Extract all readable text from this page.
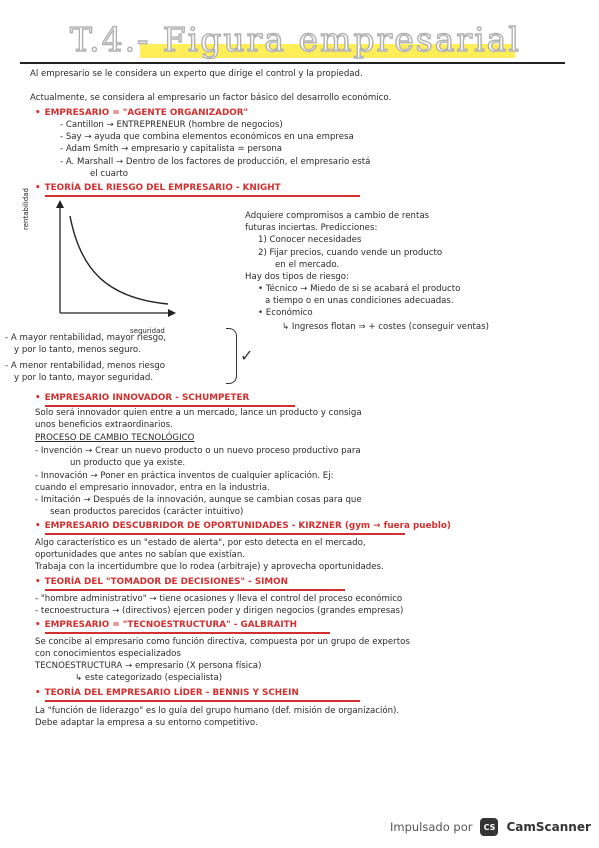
T.4.- Figura empresarial
Al empresario se le considera un experto que dirige el control y la propiedad.
Actualmente, se considera al empresario un factor básico del desarrollo económico.
• EMPRESARIO = "AGENTE ORGANIZADOR"
- Cantillon → ENTREPRENEUR (hombre de negocios)
- Say → ayuda que combina elementos económicos en una empresa
- Adam Smith → empresario y capitalista = persona
- A. Marshall → Dentro de los factores de producción, el empresario está
el cuarto
• TEORÍA DEL RIESGO DEL EMPRESARIO - KNIGHT
rentabilidad
seguridad
Adquiere compromisos a cambio de rentas
futuras inciertas. Predicciones:
1) Conocer necesidades
2) Fijar precios, cuando vende un producto
en el mercado.
Hay dos tipos de riesgo:
• Técnico → Miedo de si se acabará el producto
a tiempo o en unas condiciones adecuadas.
• Económico
↳ Ingresos flotan ⇒ + costes (conseguir ventas)
- A mayor rentabilidad, mayor riesgo,
y por lo tanto, menos seguro.
- A menor rentabilidad, menos riesgo
y por lo tanto, mayor seguridad.
✓
• EMPRESARIO INNOVADOR - SCHUMPETER
Solo será innovador quien entre a un mercado, lance un producto y consiga
unos beneficios extraordinarios.
PROCESO DE CAMBIO TECNOLÓGICO
- Invención → Crear un nuevo producto o un nuevo proceso productivo para
un producto que ya existe.
- Innovación → Poner en práctica inventos de cualquier aplicación. Ej:
cuando el empresario innovador, entra en la industria.
- Imitación → Después de la innovación, aunque se cambian cosas para que
sean productos parecidos (carácter intuitivo)
• EMPRESARIO DESCUBRIDOR DE OPORTUNIDADES - KIRZNER (gym → fuera pueblo)
Algo característico es un "estado de alerta", por esto detecta en el mercado,
oportunidades que antes no sabían que existían.
Trabaja con la incertidumbre que lo rodea (arbitraje) y aprovecha oportunidades.
• TEORÍA DEL "TOMADOR DE DECISIONES" - SIMON
- "hombre administrativo" → tiene ocasiones y lleva el control del proceso económico
- tecnoestructura → (directivos) ejercen poder y dirigen negocios (grandes empresas)
• EMPRESARIO = "TECNOESTRUCTURA" - GALBRAITH
Se concibe al empresario como función directiva, compuesta por un grupo de expertos
con conocimientos especializados
TECNOESTRUCTURA → empresario (X persona física)
↳ este categorizado (especialista)
• TEORÍA DEL EMPRESARIO LÍDER - BENNIS Y SCHEIN
La "función de liderazgo" es lo guía del grupo humano (def. misión de organización).
Debe adaptar la empresa a su entorno competitivo.
Impulsado por	CS CamScanner
